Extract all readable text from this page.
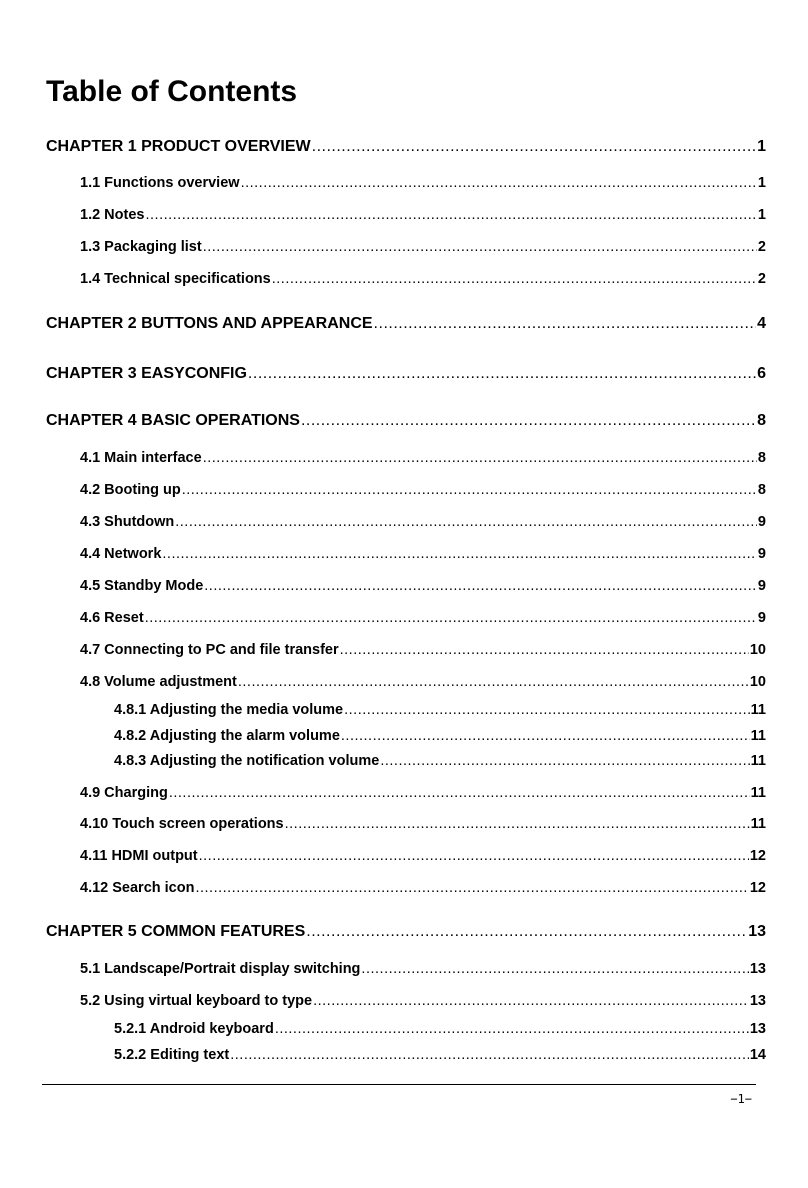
Table of Contents
CHAPTER 1 PRODUCT OVERVIEW .....	1
1.1 Functions overview .....	1
1.2 Notes .....	1
1.3 Packaging list .....	2
1.4 Technical specifications .....	2
CHAPTER 2 BUTTONS AND APPEARANCE .....	4
CHAPTER 3 EASYCONFIG .....	6
CHAPTER 4 BASIC OPERATIONS .....	8
4.1 Main interface .....	8
4.2 Booting up .....	8
4.3 Shutdown .....	9
4.4 Network .....	9
4.5 Standby Mode .....	9
4.6 Reset .....	9
4.7 Connecting to PC and file transfer .....	10
4.8 Volume adjustment .....	10
4.8.1 Adjusting the media volume .....	11
4.8.2 Adjusting the alarm volume .....	11
4.8.3 Adjusting the notification volume .....	11
4.9 Charging .....	11
4.10 Touch screen operations .....	11
4.11 HDMI output .....	12
4.12 Search icon .....	12
CHAPTER 5 COMMON FEATURES .....	13
5.1 Landscape/Portrait display switching .....	13
5.2 Using virtual keyboard to type .....	13
5.2.1 Android keyboard .....	13
5.2.2 Editing text .....	14
−1−
